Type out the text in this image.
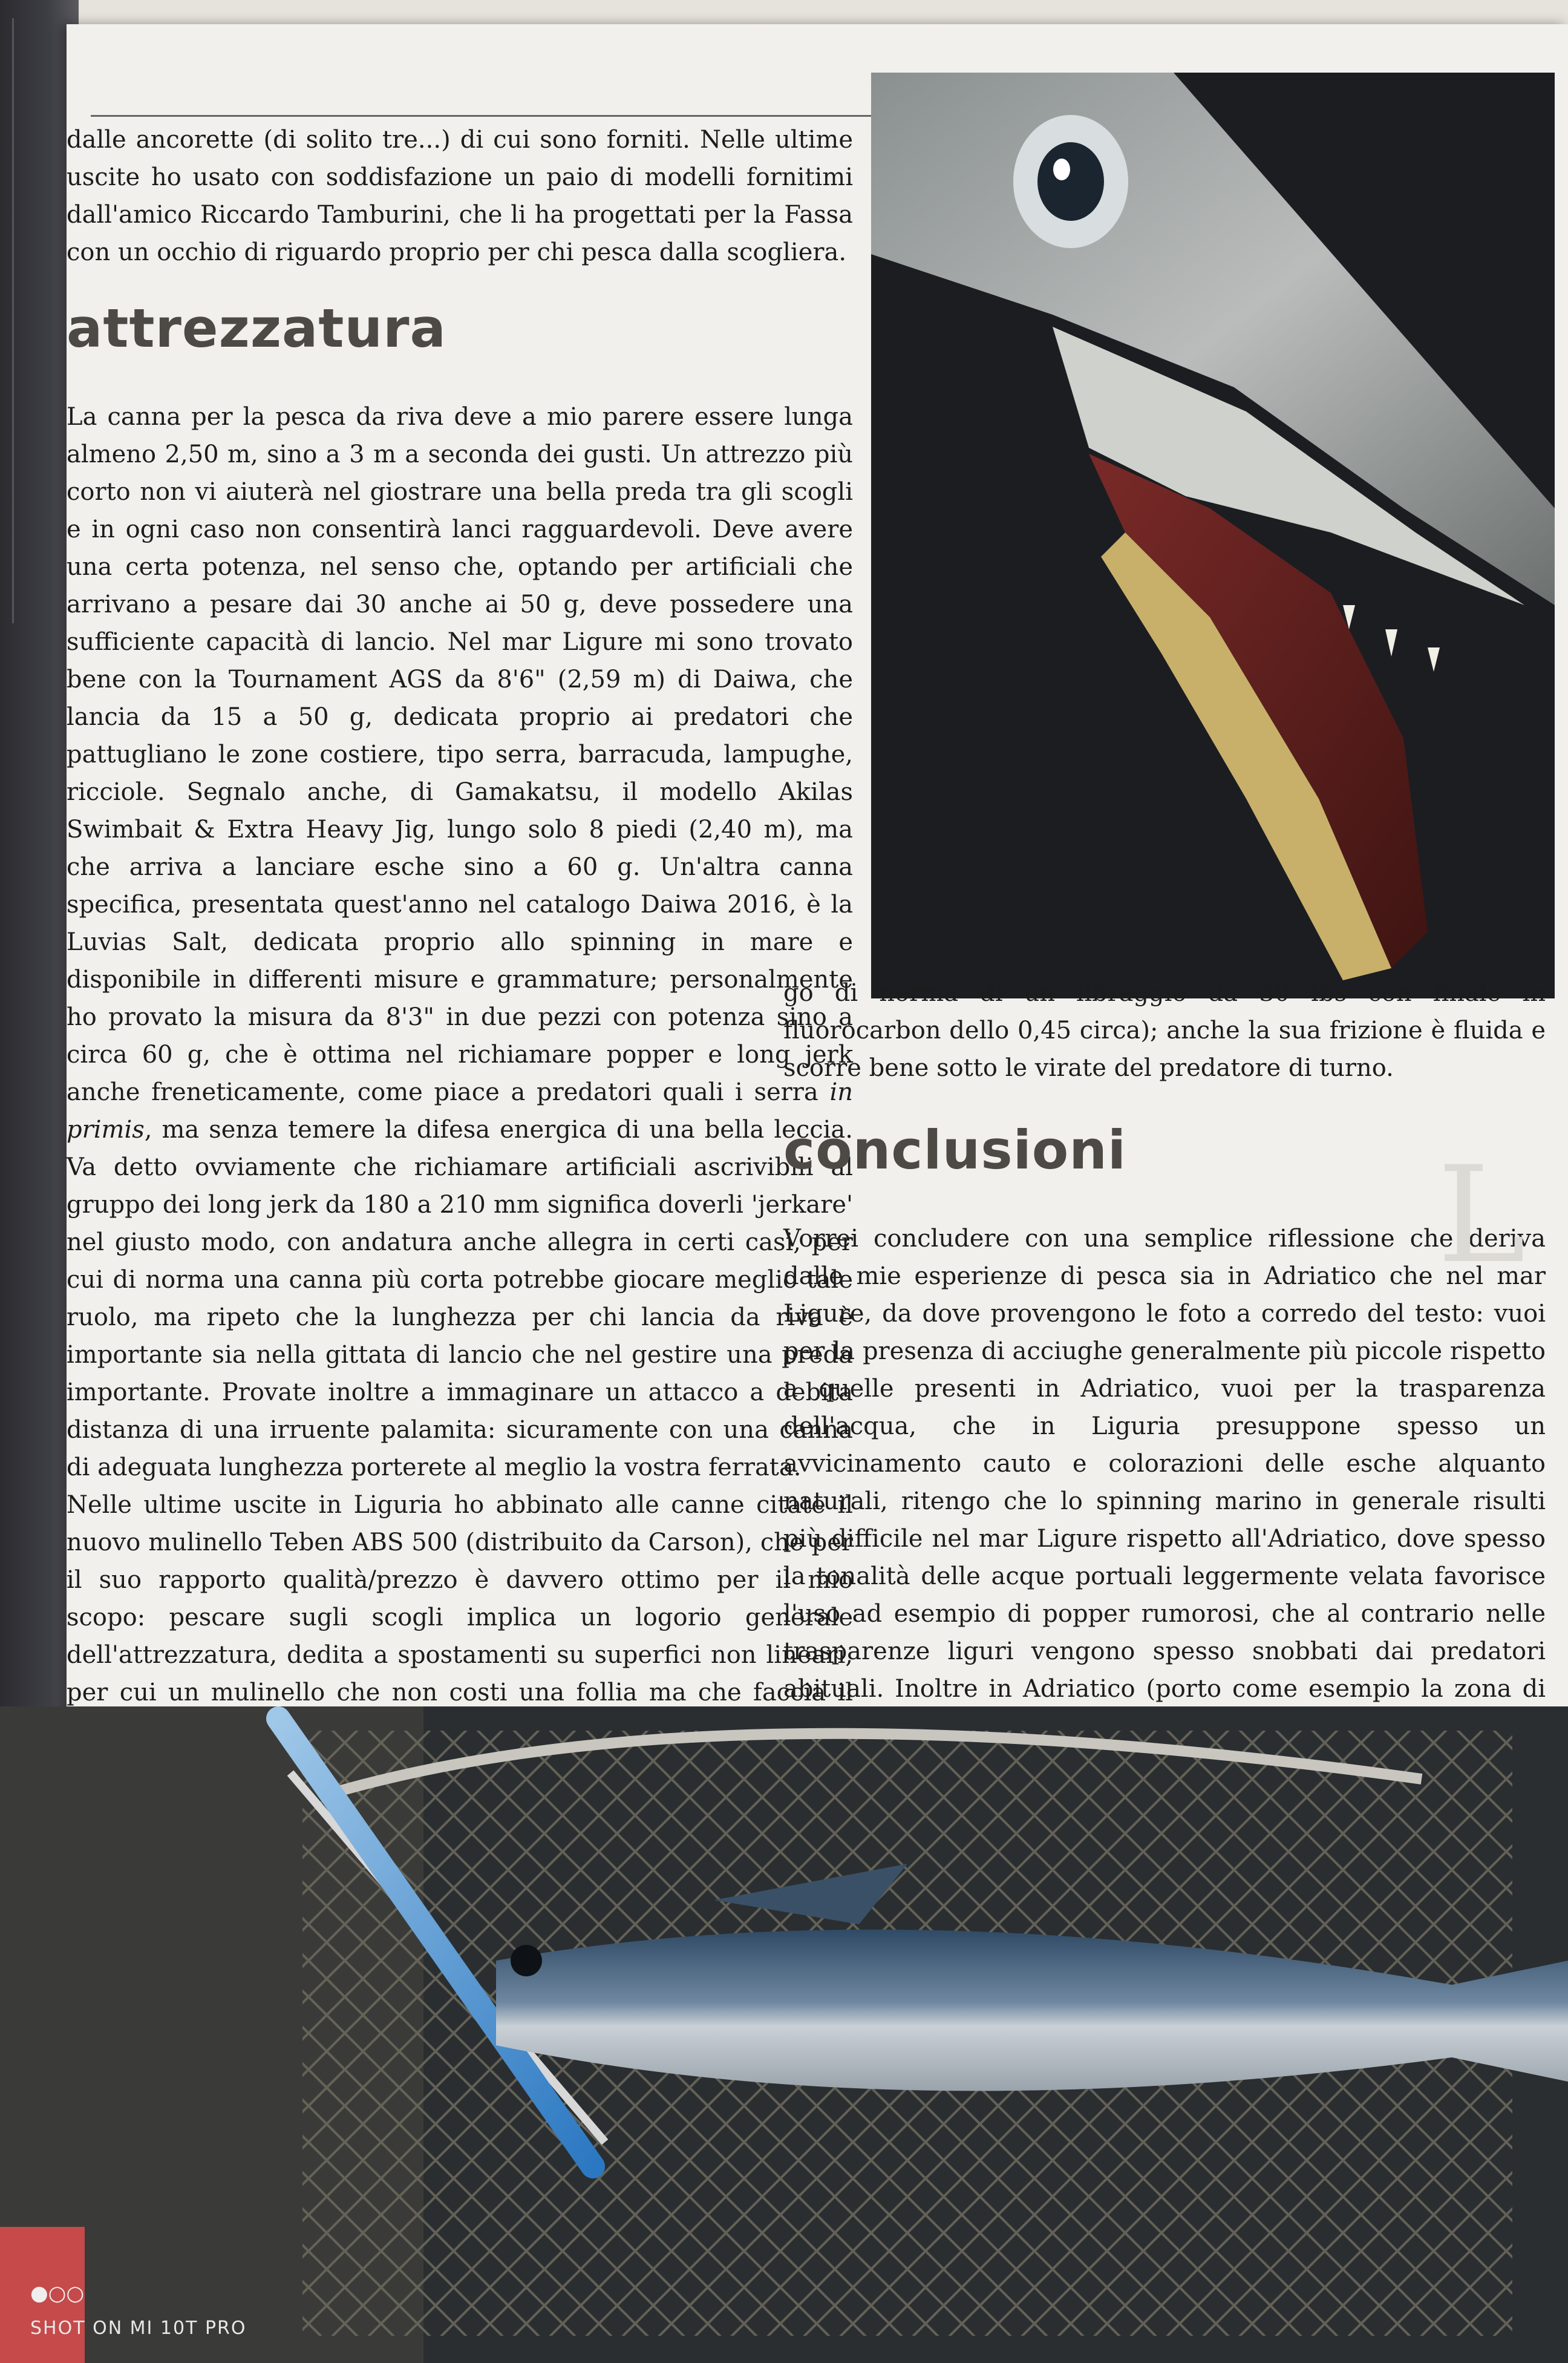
dalle ancorette (di solito tre...) di cui sono forniti. Nelle ultime uscite ho usato con soddisfazione un paio di modelli fornitimi dall'amico Riccardo Tamburini, che li ha progettati per la Fassa con un occhio di riguardo proprio per chi pesca dalla scogliera.

attrezzatura

La canna per la pesca da riva deve a mio parere essere lunga almeno 2,50 m, sino a 3 m a seconda dei gusti. Un attrezzo più corto non vi aiuterà nel giostrare una bella preda tra gli scogli e in ogni caso non consentirà lanci ragguardevoli. Deve avere una certa potenza, nel senso che, optando per artificiali che arrivano a pesare dai 30 anche ai 50 g, deve possedere una sufficiente capacità di lancio. Nel mar Ligure mi sono trovato bene con la Tournament AGS da 8'6" (2,59 m) di Daiwa, che lancia da 15 a 50 g, dedicata proprio ai predatori che pattugliano le zone costiere, tipo serra, barracuda, lampughe, ricciole. Segnalo anche, di Gamakatsu, il modello Akilas Swimbait & Extra Heavy Jig, lungo solo 8 piedi (2,40 m), ma che arriva a lanciare esche sino a 60 g. Un'altra canna specifica, presentata quest'anno nel catalogo Daiwa 2016, è la Luvias Salt, dedicata proprio allo spinning in mare e disponibile in differenti misure e grammature; personalmente ho provato la misura da 8'3" in due pezzi con potenza sino a circa 60 g, che è ottima nel richiamare popper e long jerk anche freneticamente, come piace a predatori quali i serra in primis, ma senza temere la difesa energica di una bella leccia. Va detto ovviamente che richiamare artificiali ascrivibili al gruppo dei long jerk da 180 a 210 mm significa doverli 'jerkare' nel giusto modo, con andatura anche allegra in certi casi, per cui di norma una canna più corta potrebbe giocare meglio tale ruolo, ma ripeto che la lunghezza per chi lancia da riva è importante sia nella gittata di lancio che nel gestire una preda importante. Provate inoltre a immaginare un attacco a debita distanza di una irruente palamita: sicuramente con una canna di adeguata lunghezza porterete al meglio la vostra ferrata.

Nelle ultime uscite in Liguria ho abbinato alle canne citate il nuovo mulinello Teben ABS 500 (distribuito da Carson), che per il suo rapporto qualità/prezzo è davvero ottimo per il mio scopo: pescare sugli scogli implica un logorio generale dell'attrezzatura, dedita a spostamenti su superfici non lineari, per cui un mulinello che non costi una follia ma che faccia il

go di norma di un libraggio da 30 lbs con finale in fluorocarbon dello 0,45 circa); anche la sua frizione è fluida e scorre bene sotto le virate del predatore di turno.

conclusioni

Vorrei concludere con una semplice riflessione che deriva dalle mie esperienze di pesca sia in Adriatico che nel mar Ligure, da dove provengono le foto a corredo del testo: vuoi per la presenza di acciughe generalmente più piccole rispetto a quelle presenti in Adriatico, vuoi per la trasparenza dell'acqua, che in Liguria presuppone spesso un avvicinamento cauto e colorazioni delle esche alquanto naturali, ritengo che lo spinning marino in generale risulti più difficile nel mar Ligure rispetto all'Adriatico, dove spesso la tonalità delle acque portuali leggermente velata favorisce l'uso ad esempio di popper rumorosi, che al contrario nelle trasparenze liguri vengono spesso snobbati dai predatori abituali. Inoltre in Adriatico (porto come esempio la zona di

L
●○○
SHOT ON MI 10T PRO
